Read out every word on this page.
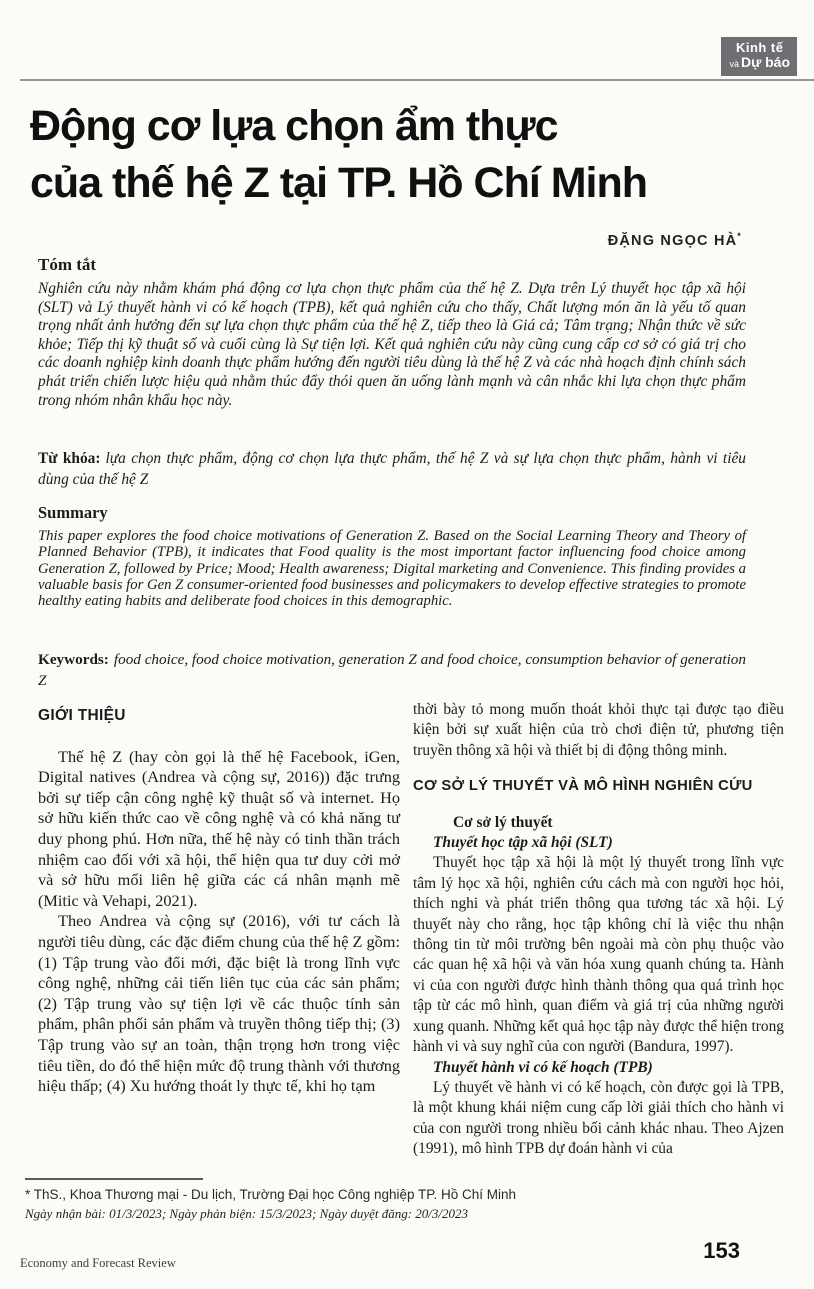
Kinh tế
và Dự báo
Động cơ lựa chọn ẩm thực
của thế hệ Z tại TP. Hồ Chí Minh
ĐẶNG NGỌC HÀ*
Tóm tắt

Nghiên cứu này nhằm khám phá động cơ lựa chọn thực phẩm của thế hệ Z. Dựa trên Lý thuyết học tập xã hội (SLT) và Lý thuyết hành vi có kế hoạch (TPB), kết quả nghiên cứu cho thấy, Chất lượng món ăn là yếu tố quan trọng nhất ảnh hưởng đến sự lựa chọn thực phẩm của thế hệ Z, tiếp theo là Giá cả; Tâm trạng; Nhận thức về sức khỏe; Tiếp thị kỹ thuật số và cuối cùng là Sự tiện lợi. Kết quả nghiên cứu này cũng cung cấp cơ sở có giá trị cho các doanh nghiệp kinh doanh thực phẩm hướng đến người tiêu dùng là thế hệ Z và các nhà hoạch định chính sách phát triển chiến lược hiệu quả nhằm thúc đẩy thói quen ăn uống lành mạnh và cân nhắc khi lựa chọn thực phẩm trong nhóm nhân khẩu học này.

Từ khóa: lựa chọn thực phẩm, động cơ chọn lựa thực phẩm, thế hệ Z và sự lựa chọn thực phẩm, hành vi tiêu dùng của thế hệ Z
Summary

This paper explores the food choice motivations of Generation Z. Based on the Social Learning Theory and Theory of Planned Behavior (TPB), it indicates that Food quality is the most important factor influencing food choice among Generation Z, followed by Price; Mood; Health awareness; Digital marketing and Convenience. This finding provides a valuable basis for Gen Z consumer-oriented food businesses and policymakers to develop effective strategies to promote healthy eating habits and deliberate food choices in this demographic.

Keywords: food choice, food choice motivation, generation Z and food choice, consumption behavior of generation Z
GIỚI THIỆU

Thế hệ Z (hay còn gọi là thế hệ Facebook, iGen, Digital natives (Andrea và cộng sự, 2016)) đặc trưng bởi sự tiếp cận công nghệ kỹ thuật số và internet. Họ sở hữu kiến thức cao về công nghệ và có khả năng tư duy phong phú. Hơn nữa, thế hệ này có tinh thần trách nhiệm cao đối với xã hội, thể hiện qua tư duy cởi mở và sở hữu mối liên hệ giữa các cá nhân mạnh mẽ (Mitic và Vehapi, 2021).

Theo Andrea và cộng sự (2016), với tư cách là người tiêu dùng, các đặc điểm chung của thế hệ Z gồm: (1) Tập trung vào đổi mới, đặc biệt là trong lĩnh vực công nghệ, những cải tiến liên tục của các sản phẩm; (2) Tập trung vào sự tiện lợi về các thuộc tính sản phẩm, phân phối sản phẩm và truyền thông tiếp thị; (3) Tập trung vào sự an toàn, thận trọng hơn trong việc tiêu tiền, do đó thể hiện mức độ trung thành với thương hiệu thấp; (4) Xu hướng thoát ly thực tế, khi họ tạm

thời bày tỏ mong muốn thoát khỏi thực tại được tạo điều kiện bởi sự xuất hiện của trò chơi điện tử, phương tiện truyền thông xã hội và thiết bị di động thông minh.

CƠ SỞ LÝ THUYẾT VÀ MÔ HÌNH NGHIÊN CỨU
Cơ sở lý thuyết
Thuyết học tập xã hội (SLT)

Thuyết học tập xã hội là một lý thuyết trong lĩnh vực tâm lý học xã hội, nghiên cứu cách mà con người học hỏi, thích nghi và phát triển thông qua tương tác xã hội. Lý thuyết này cho rằng, học tập không chỉ là việc thu nhận thông tin từ môi trường bên ngoài mà còn phụ thuộc vào các quan hệ xã hội và văn hóa xung quanh chúng ta. Hành vi của con người được hình thành thông qua quá trình học tập từ các mô hình, quan điểm và giá trị của những người xung quanh. Những kết quả học tập này được thể hiện trong hành vi và suy nghĩ của con người (Bandura, 1997).

Thuyết hành vi có kế hoạch (TPB)

Lý thuyết về hành vi có kế hoạch, còn được gọi là TPB, là một khung khái niệm cung cấp lời giải thích cho hành vi của con người trong nhiều bối cảnh khác nhau. Theo Ajzen (1991), mô hình TPB dự đoán hành vi của

* ThS., Khoa Thương mại - Du lịch, Trường Đại học Công nghiệp TP. Hồ Chí Minh

Ngày nhận bài: 01/3/2023; Ngày phản biện: 15/3/2023; Ngày duyệt đăng: 20/3/2023

Economy and Forecast Review	153
